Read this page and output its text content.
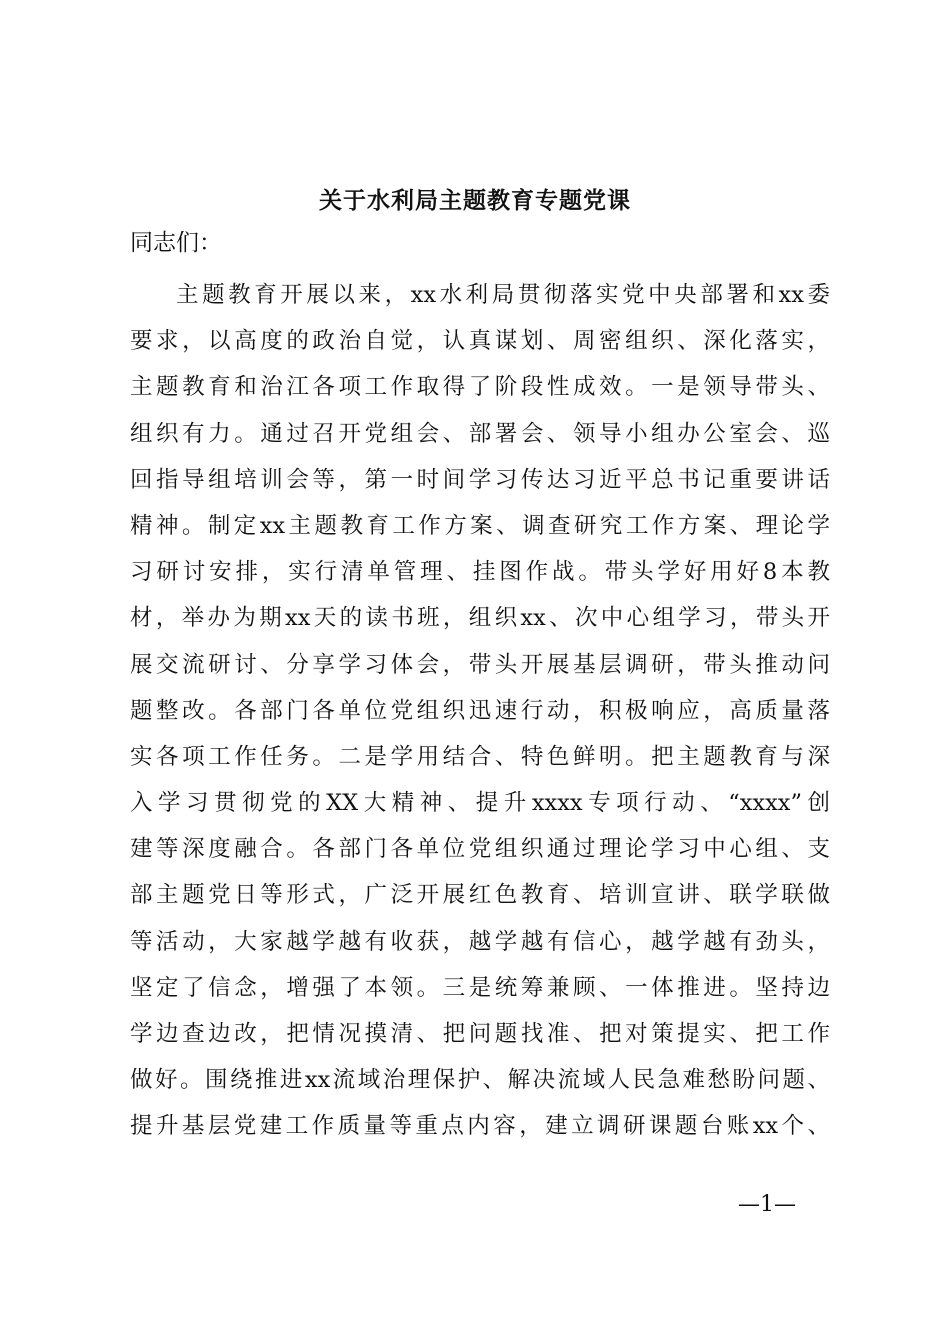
关于水利局主题教育专题党课

同志们：

主题教育开展以来，xx水利局贯彻落实党中央部署和xx委
要求，以高度的政治自觉，认真谋划、周密组织、深化落实，
主题教育和治江各项工作取得了阶段性成效。一是领导带头、
组织有力。通过召开党组会、部署会、领导小组办公室会、巡
回指导组培训会等，第一时间学习传达习近平总书记重要讲话
精神。制定xx主题教育工作方案、调查研究工作方案、理论学
习研讨安排，实行清单管理、挂图作战。带头学好用好8本教
材，举办为期xx天的读书班，组织xx、次中心组学习，带头开
展交流研讨、分享学习体会，带头开展基层调研，带头推动问
题整改。各部门各单位党组织迅速行动，积极响应，高质量落
实各项工作任务。二是学用结合、特色鲜明。把主题教育与深
入学习贯彻党的XX大精神、提升xxxx专项行动、“xxxx”创
建等深度融合。各部门各单位党组织通过理论学习中心组、支
部主题党日等形式，广泛开展红色教育、培训宣讲、联学联做
等活动，大家越学越有收获，越学越有信心，越学越有劲头，
坚定了信念，增强了本领。三是统筹兼顾、一体推进。坚持边
学边查边改，把情况摸清、把问题找准、把对策提实、把工作
做好。围绕推进xx流域治理保护、解决流域人民急难愁盼问题、
提升基层党建工作质量等重点内容，建立调研课题台账xx个、
—1—
